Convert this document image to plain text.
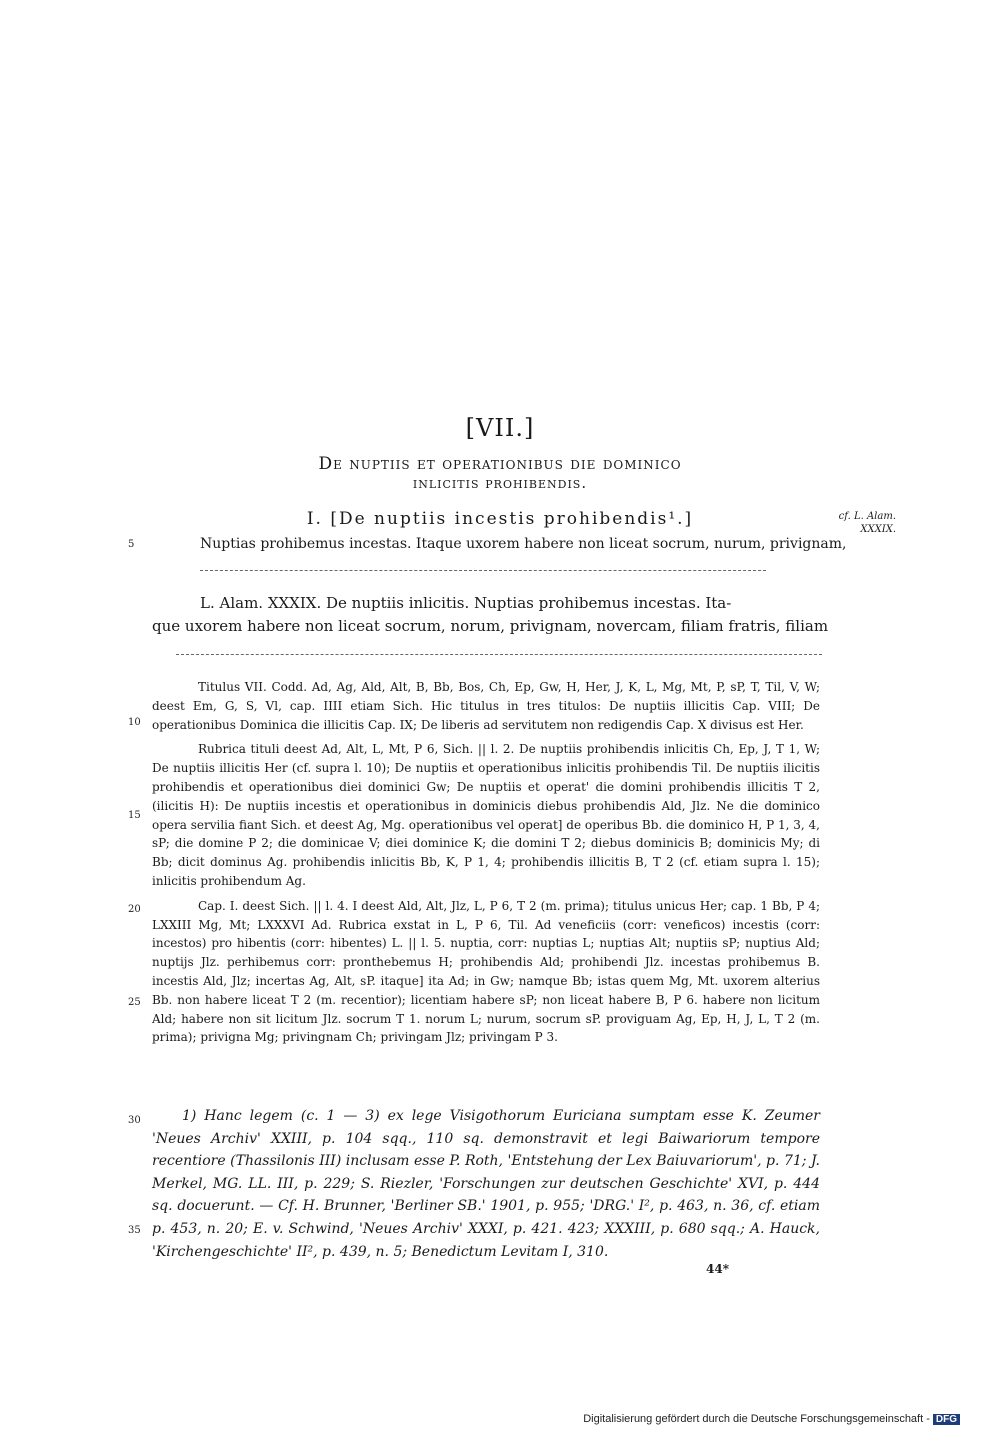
[VII.]
De nuptiis et operationibus die dominico
inlicitis prohibendis.
I. [De nuptiis incestis prohibendis¹.]	cf. L. Alam. XXXIX.
5	Nuptias prohibemus incestas. Itaque uxorem habere non liceat socrum, nurum, privignam,
L. Alam. XXXIX. De nuptiis inlicitis. Nuptias prohibemus incestas. Ita-
que uxorem habere non liceat socrum, norum, privignam, novercam, filiam fratris, filiam
10
15
20
25

Titulus VII. Codd. Ad, Ag, Ald, Alt, B, Bb, Bos, Ch, Ep, Gw, H, Her, J, K, L, Mg, Mt, P, sP, T, Til, V, W; deest Em, G, S, Vl, cap. IIII etiam Sich. Hic titulus in tres titulos: De nuptiis illicitis Cap. VIII; De operationibus Dominica die illicitis Cap. IX; De liberis ad servitutem non redigendis Cap. X divisus est Her.

Rubrica tituli deest Ad, Alt, L, Mt, P 6, Sich. || l. 2. De nuptiis prohibendis inlicitis Ch, Ep, J, T 1, W; De nuptiis illicitis Her (cf. supra l. 10); De nuptiis et operationibus inlicitis prohibendis Til. De nuptiis ilicitis prohibendis et operationibus diei dominici Gw; De nuptiis et operat' die domini prohibendis illicitis T 2, (ilicitis H): De nuptiis incestis et operationibus in dominicis diebus prohibendis Ald, Jlz. Ne die dominico opera servilia fiant Sich. et deest Ag, Mg. operationibus vel operat] de operibus Bb. die dominico H, P 1, 3, 4, sP; die domine P 2; die dominicae V; diei dominice K; die domini T 2; diebus dominicis B; dominicis My; di Bb; dicit dominus Ag. prohibendis inlicitis Bb, K, P 1, 4; prohibendis illicitis B, T 2 (cf. etiam supra l. 15); inlicitis prohibendum Ag.

Cap. I. deest Sich. || l. 4. I deest Ald, Alt, Jlz, L, P 6, T 2 (m. prima); titulus unicus Her; cap. 1 Bb, P 4; LXXIII Mg, Mt; LXXXVI Ad. Rubrica exstat in L, P 6, Til. Ad veneficiis (corr: veneficos) incestis (corr: incestos) pro hibentis (corr: hibentes) L. || l. 5. nuptia, corr: nuptias L; nuptias Alt; nuptiis sP; nuptius Ald; nuptijs Jlz. perhibemus corr: pronthebemus H; prohibendis Ald; prohibendi Jlz. incestas prohibemus B. incestis Ald, Jlz; incertas Ag, Alt, sP. itaque] ita Ad; in Gw; namque Bb; istas quem Mg, Mt. uxorem alterius Bb. non habere liceat T 2 (m. recentior); licentiam habere sP; non liceat habere B, P 6. habere non licitum Ald; habere non sit licitum Jlz. socrum T 1. norum L; nurum, socrum sP. proviguam Ag, Ep, H, J, L, T 2 (m. prima); privigna Mg; privingnam Ch; privingam Jlz; privingam P 3.

30
35
1) Hanc legem (c. 1 — 3) ex lege Visigothorum Euriciana sumptam esse K. Zeumer 'Neues Archiv' XXIII, p. 104 sqq., 110 sq. demonstravit et legi Baiwariorum tempore recentiore (Thassilonis III) inclusam esse P. Roth, 'Entstehung der Lex Baiuvariorum', p. 71; J. Merkel, MG. LL. III, p. 229; S. Riezler, 'Forschungen zur deutschen Geschichte' XVI, p. 444 sq. docuerunt. — Cf. H. Brunner, 'Berliner SB.' 1901, p. 955; 'DRG.' I², p. 463, n. 36, cf. etiam p. 453, n. 20; E. v. Schwind, 'Neues Archiv' XXXI, p. 421. 423; XXXIII, p. 680 sqq.; A. Hauck, 'Kirchengeschichte' II², p. 439, n. 5; Benedictum Levitam I, 310.
44*
Digitalisierung gefördert durch die Deutsche Forschungsgemeinschaft - DFG
